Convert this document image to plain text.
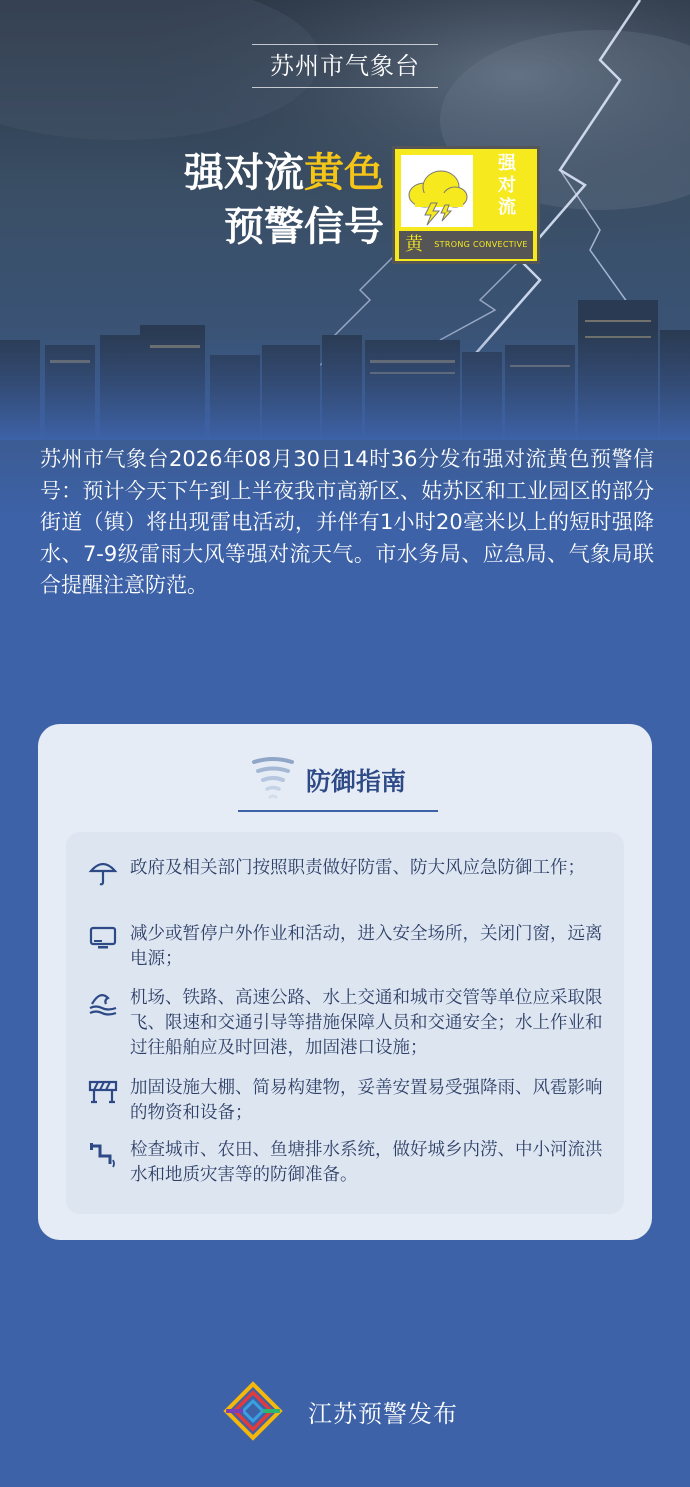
苏州市气象台
强对流黄色
预警信号
强
对
流
黄	STRONG CONVECTIVE
苏州市气象台2026年08月30日14时36分发布强对流黄色预警信号：预计今天下午到上半夜我市高新区、姑苏区和工业园区的部分街道（镇）将出现雷电活动，并伴有1小时20毫米以上的短时强降水、7-9级雷雨大风等强对流天气。市水务局、应急局、气象局联合提醒注意防范。
防御指南
政府及相关部门按照职责做好防雷、防大风应急防御工作；
减少或暂停户外作业和活动，进入安全场所，关闭门窗，远离电源；
机场、铁路、高速公路、水上交通和城市交管等单位应采取限飞、限速和交通引导等措施保障人员和交通安全；水上作业和过往船舶应及时回港，加固港口设施；
加固设施大棚、简易构建物，妥善安置易受强降雨、风雹影响的物资和设备；
检查城市、农田、鱼塘排水系统，做好城乡内涝、中小河流洪水和地质灾害等的防御准备。
江苏预警发布
